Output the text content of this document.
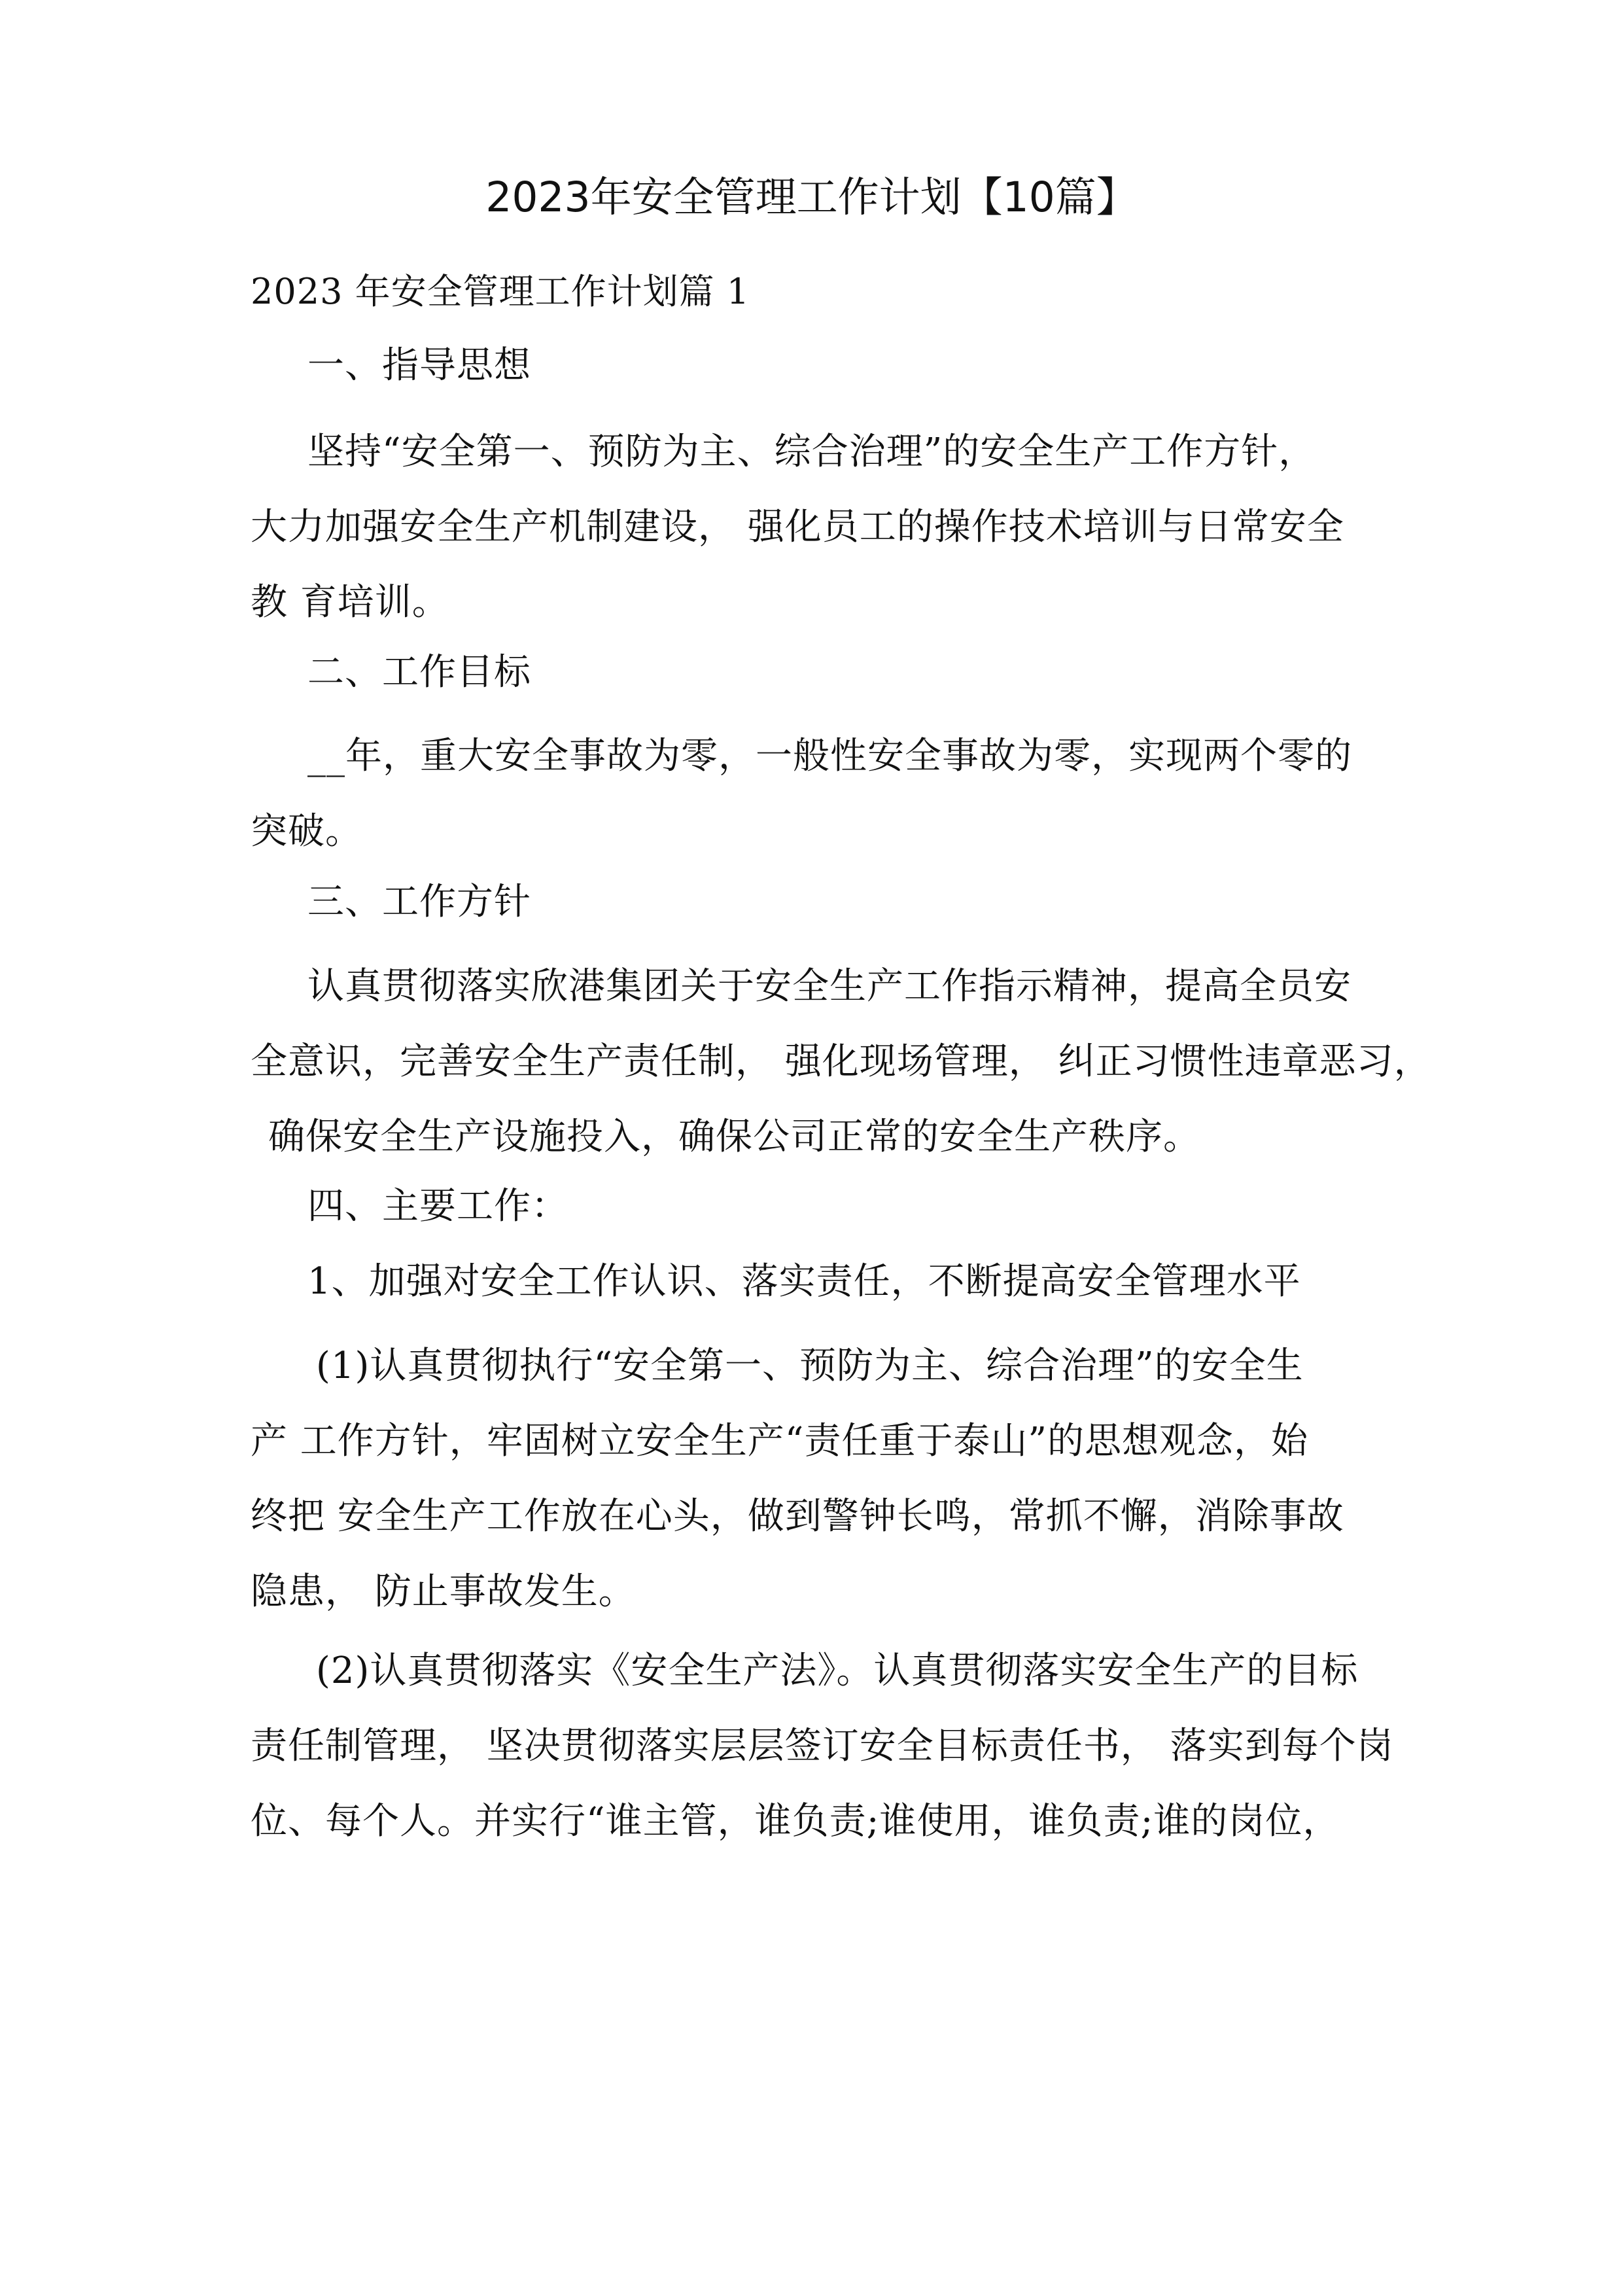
2023年安全管理工作计划【10篇】
2023 年安全管理工作计划篇 1
一、指导思想
坚持“安全第一、预防为主、综合治理”的安全生产工作方针，
大力加强安全生产机制建设， 强化员工的操作技术培训与日常安全
教 育培训。
二、工作目标
__年，重大安全事故为零，一般性安全事故为零，实现两个零的
突破。
三、工作方针
认真贯彻落实欣港集团关于安全生产工作指示精神，提高全员安
全意识，完善安全生产责任制， 强化现场管理， 纠正习惯性违章恶习，
确保安全生产设施投入，确保公司正常的安全生产秩序。
四、主要工作：
1、加强对安全工作认识、落实责任，不断提高安全管理水平
(1)认真贯彻执行“安全第一、预防为主、综合治理”的安全生
产 工作方针，牢固树立安全生产“责任重于泰山”的思想观念，始
终把 安全生产工作放在心头，做到警钟长鸣，常抓不懈，消除事故
隐患， 防止事故发生。
(2)认真贯彻落实《安全生产法》。认真贯彻落实安全生产的目标
责任制管理， 坚决贯彻落实层层签订安全目标责任书， 落实到每个岗
位、每个人。并实行“谁主管，谁负责;谁使用，谁负责;谁的岗位，
